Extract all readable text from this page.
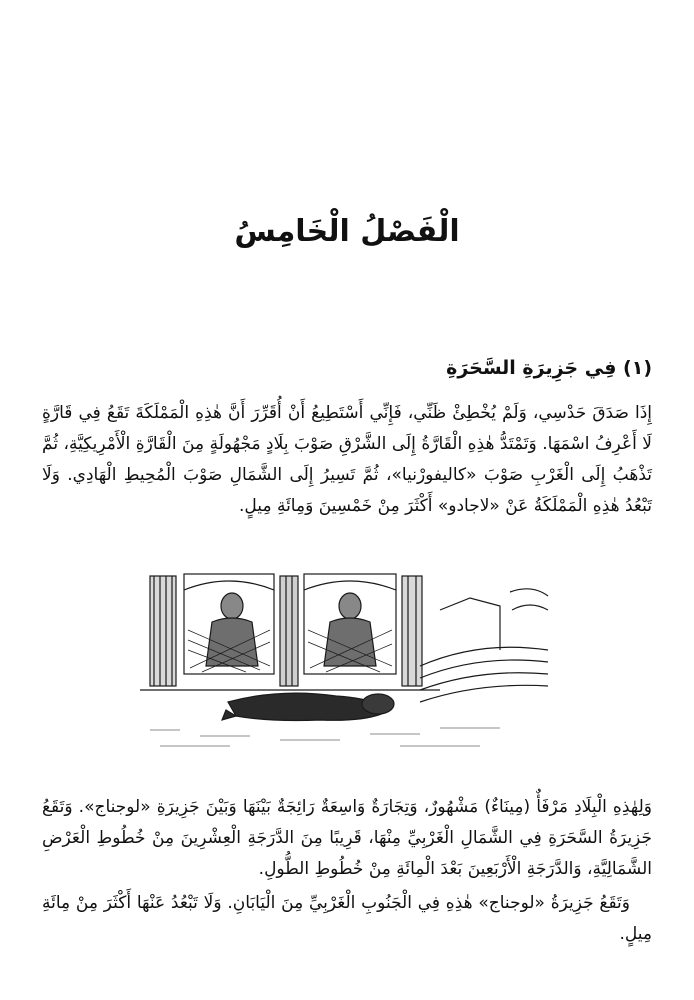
الْفَصْلُ الْخَامِسُ
(١) فِي جَزِيرَةِ السَّحَرَةِ

إِذَا صَدَقَ حَدْسِي، وَلَمْ يُخْطِئْ ظَنِّي، فَإِنِّي أَسْتَطِيعُ أَنْ أُقَرِّرَ أَنَّ هٰذِهِ الْمَمْلَكَةَ تَقَعُ فِي قَارَّةٍ لَا أَعْرِفُ اسْمَهَا. وَتَمْتَدُّ هٰذِهِ الْقَارَّةُ إِلَى الشَّرْقِ صَوْبَ بِلَادٍ مَجْهُولَةٍ مِنَ الْقَارَّةِ الْأَمْرِيكِيَّةِ، ثُمَّ تَذْهَبُ إِلَى الْغَرْبِ صَوْبَ «كاليفورْنيا»، ثُمَّ تَسِيرُ إِلَى الشَّمَالِ صَوْبَ الْمُحِيطِ الْهَادِي. وَلَا تَبْعُدُ هٰذِهِ الْمَمْلَكَةُ عَنْ «لاجادو» أَكْثَرَ مِنْ خَمْسِينَ وَمِائَةِ مِيلٍ.

وَلِهٰذِهِ الْبِلَادِ مَرْفَأٌ (مِينَاءٌ) مَشْهُورٌ، وَتِجَارَةٌ وَاسِعَةٌ رَائِجَةٌ بَيْنَهَا وَبَيْنَ جَزِيرَةِ «لوجناج». وَتَقَعُ جَزِيرَةُ السَّحَرَةِ فِي الشَّمَالِ الْغَرْبِيِّ مِنْهَا، قَرِيبًا مِنَ الدَّرَجَةِ الْعِشْرِينَ مِنْ خُطُوطِ الْعَرْضِ الشَّمَالِيَّةِ، وَالدَّرَجَةِ الْأَرْبَعِينَ بَعْدَ الْمِائَةِ مِنْ خُطُوطِ الطُّولِ.

وَتَقَعُ جَزِيرَةُ «لوجناج» هٰذِهِ فِي الْجَنُوبِ الْغَرْبِيِّ مِنَ الْيَابَانِ. وَلَا تَبْعُدُ عَنْهَا أَكْثَرَ مِنْ مِائَةِ مِيلٍ.
